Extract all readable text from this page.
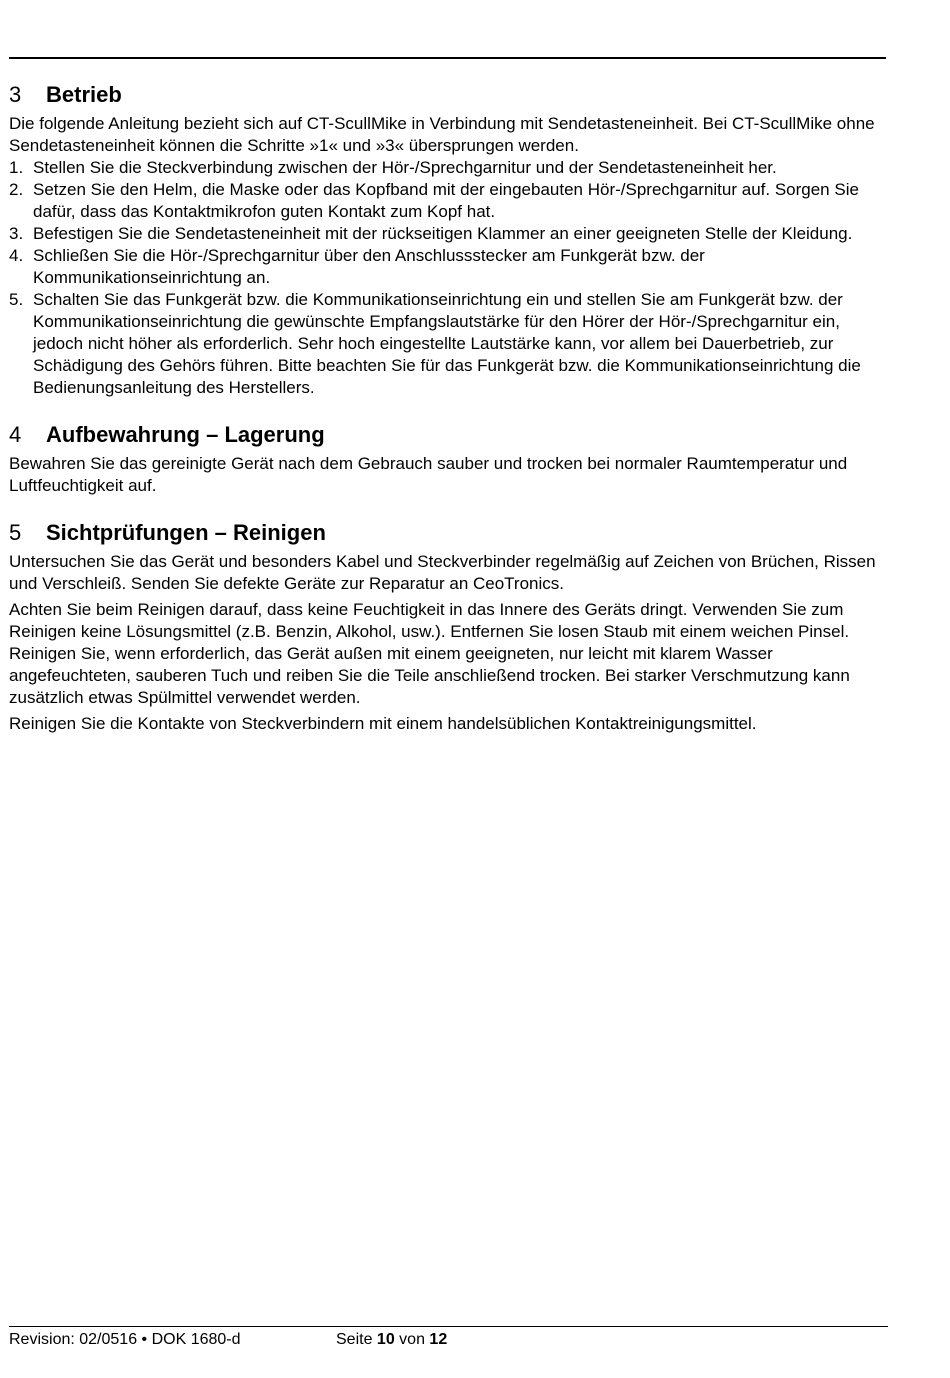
3	Betrieb

Die folgende Anleitung bezieht sich auf CT-ScullMike in Verbindung mit Sendetasteneinheit. Bei CT-ScullMike ohne Sendetasteneinheit können die Schritte »1« und »3« übersprungen werden.

1. Stellen Sie die Steckverbindung zwischen der Hör-/Sprechgarnitur und der Sendetasteneinheit her.
2. Setzen Sie den Helm, die Maske oder das Kopfband mit der eingebauten Hör-/Sprechgarnitur auf. Sorgen Sie dafür, dass das Kontaktmikrofon guten Kontakt zum Kopf hat.
3. Befestigen Sie die Sendetasteneinheit mit der rückseitigen Klammer an einer geeigneten Stelle der Kleidung.
4. Schließen Sie die Hör-/Sprechgarnitur über den Anschlussstecker am Funkgerät bzw. der Kommunikationseinrichtung an.
5. Schalten Sie das Funkgerät bzw. die Kommunikationseinrichtung ein und stellen Sie am Funkgerät bzw. der Kommunikationseinrichtung die gewünschte Empfangslautstärke für den Hörer der Hör-/Sprechgarnitur ein, jedoch nicht höher als erforderlich. Sehr hoch eingestellte Lautstärke kann, vor allem bei Dauerbetrieb, zur Schädigung des Gehörs führen. Bitte beachten Sie für das Funkgerät bzw. die Kommunikationseinrichtung die Bedienungsanleitung des Herstellers.
4	Aufbewahrung – Lagerung

Bewahren Sie das gereinigte Gerät nach dem Gebrauch sauber und trocken bei normaler Raumtemperatur und Luftfeuchtigkeit auf.

5	Sichtprüfungen – Reinigen

Untersuchen Sie das Gerät und besonders Kabel und Steckverbinder regelmäßig auf Zeichen von Brüchen, Rissen und Verschleiß. Senden Sie defekte Geräte zur Reparatur an CeoTronics.

Achten Sie beim Reinigen darauf, dass keine Feuchtigkeit in das Innere des Geräts dringt. Verwenden Sie zum Reinigen keine Lösungsmittel (z.B. Benzin, Alkohol, usw.). Entfernen Sie losen Staub mit einem weichen Pinsel. Reinigen Sie, wenn erforderlich, das Gerät außen mit einem geeigneten, nur leicht mit klarem Wasser angefeuchteten, sauberen Tuch und reiben Sie die Teile anschließend trocken. Bei starker Verschmutzung kann zusätzlich etwas Spülmittel verwendet werden.

Reinigen Sie die Kontakte von Steckverbindern mit einem handelsüblichen Kontaktreinigungsmittel.

Revision: 02/0516 • DOK 1680-d	Seite 10 von 12
